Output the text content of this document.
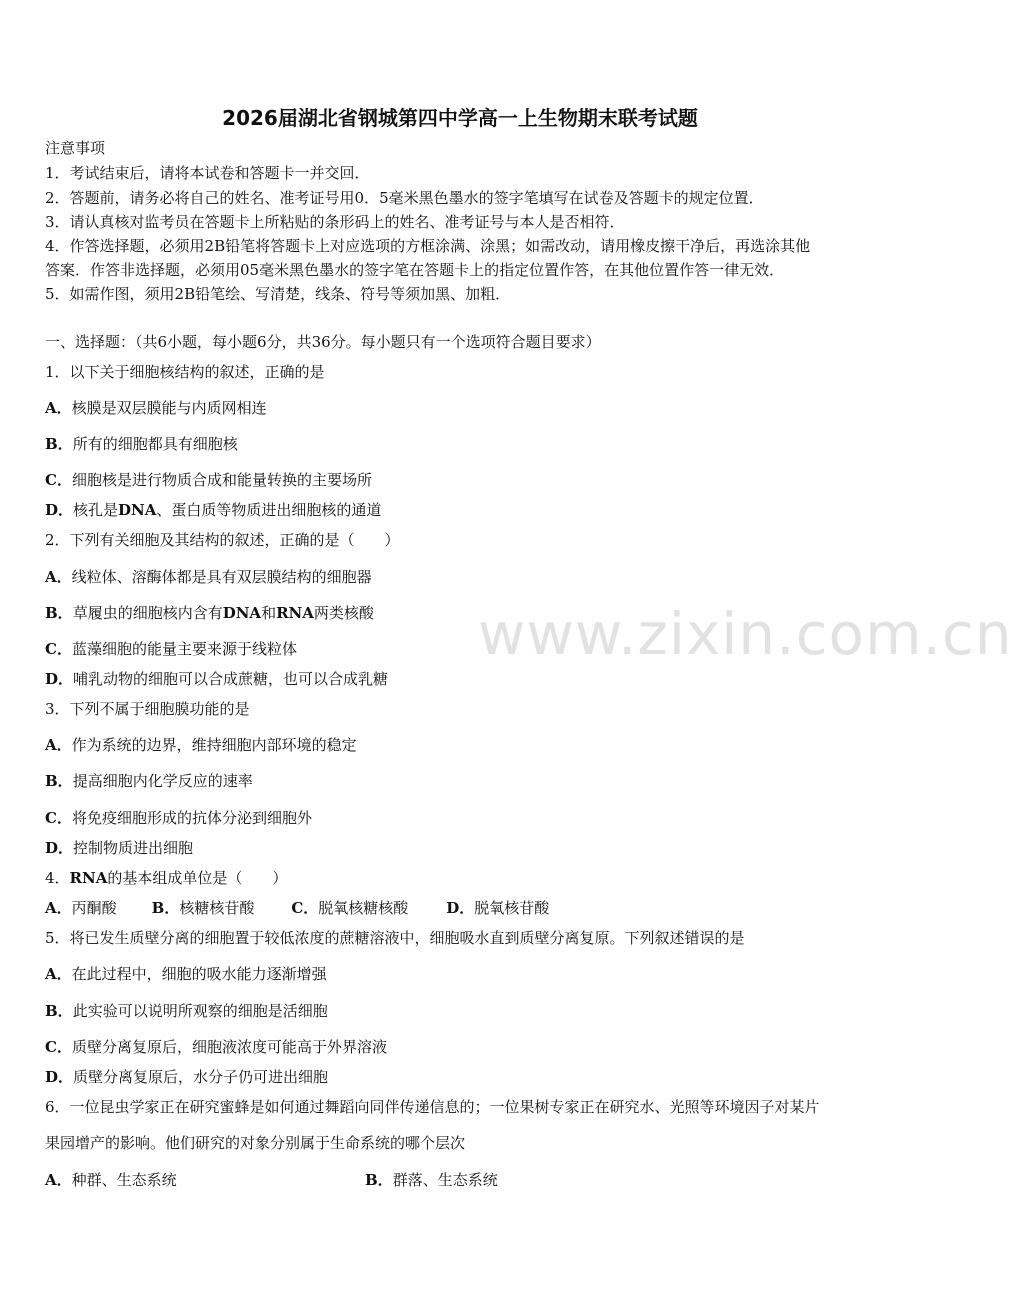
2026届湖北省钢城第四中学高一上生物期末联考试题
注意事项
1．考试结束后，请将本试卷和答题卡一并交回．
2．答题前，请务必将自己的姓名、准考证号用0．5毫米黑色墨水的签字笔填写在试卷及答题卡的规定位置．
3．请认真核对监考员在答题卡上所粘贴的条形码上的姓名、准考证号与本人是否相符．
4．作答选择题，必须用2B铅笔将答题卡上对应选项的方框涂满、涂黑；如需改动，请用橡皮擦干净后，再选涂其他
答案．作答非选择题，必须用05毫米黑色墨水的签字笔在答题卡上的指定位置作答，在其他位置作答一律无效．
5．如需作图，须用2B铅笔绘、写清楚，线条、符号等须加黑、加粗．
一、选择题：（共6小题，每小题6分，共36分。每小题只有一个选项符合题目要求）
1．以下关于细胞核结构的叙述，正确的是
A．核膜是双层膜能与内质网相连
B．所有的细胞都具有细胞核
C．细胞核是进行物质合成和能量转换的主要场所
D．核孔是DNA、蛋白质等物质进出细胞核的通道
2．下列有关细胞及其结构的叙述，正确的是（　　）
A．线粒体、溶酶体都是具有双层膜结构的细胞器
B．草履虫的细胞核内含有DNA和RNA两类核酸
C．蓝藻细胞的能量主要来源于线粒体
D．哺乳动物的细胞可以合成蔗糖，也可以合成乳糖
3．下列不属于细胞膜功能的是
A．作为系统的边界，维持细胞内部环境的稳定
B．提高细胞内化学反应的速率
C．将免疫细胞形成的抗体分泌到细胞外
D．控制物质进出细胞
4．RNA的基本组成单位是（　　）
A．丙酮酸 B．核糖核苷酸 C．脱氧核糖核酸	D．脱氧核苷酸
5．将已发生质壁分离的细胞置于较低浓度的蔗糖溶液中，细胞吸水直到质壁分离复原。下列叙述错误的是
A．在此过程中，细胞的吸水能力逐渐增强
B．此实验可以说明所观察的细胞是活细胞
C．质壁分离复原后，细胞液浓度可能高于外界溶液
D．质壁分离复原后，水分子仍可进出细胞
6．一位昆虫学家正在研究蜜蜂是如何通过舞蹈向同伴传递信息的；一位果树专家正在研究水、光照等环境因子对某片
果园增产的影响。他们研究的对象分别属于生命系统的哪个层次
A．种群、生态系统	B．群落、生态系统
www.zixin.com.cn
